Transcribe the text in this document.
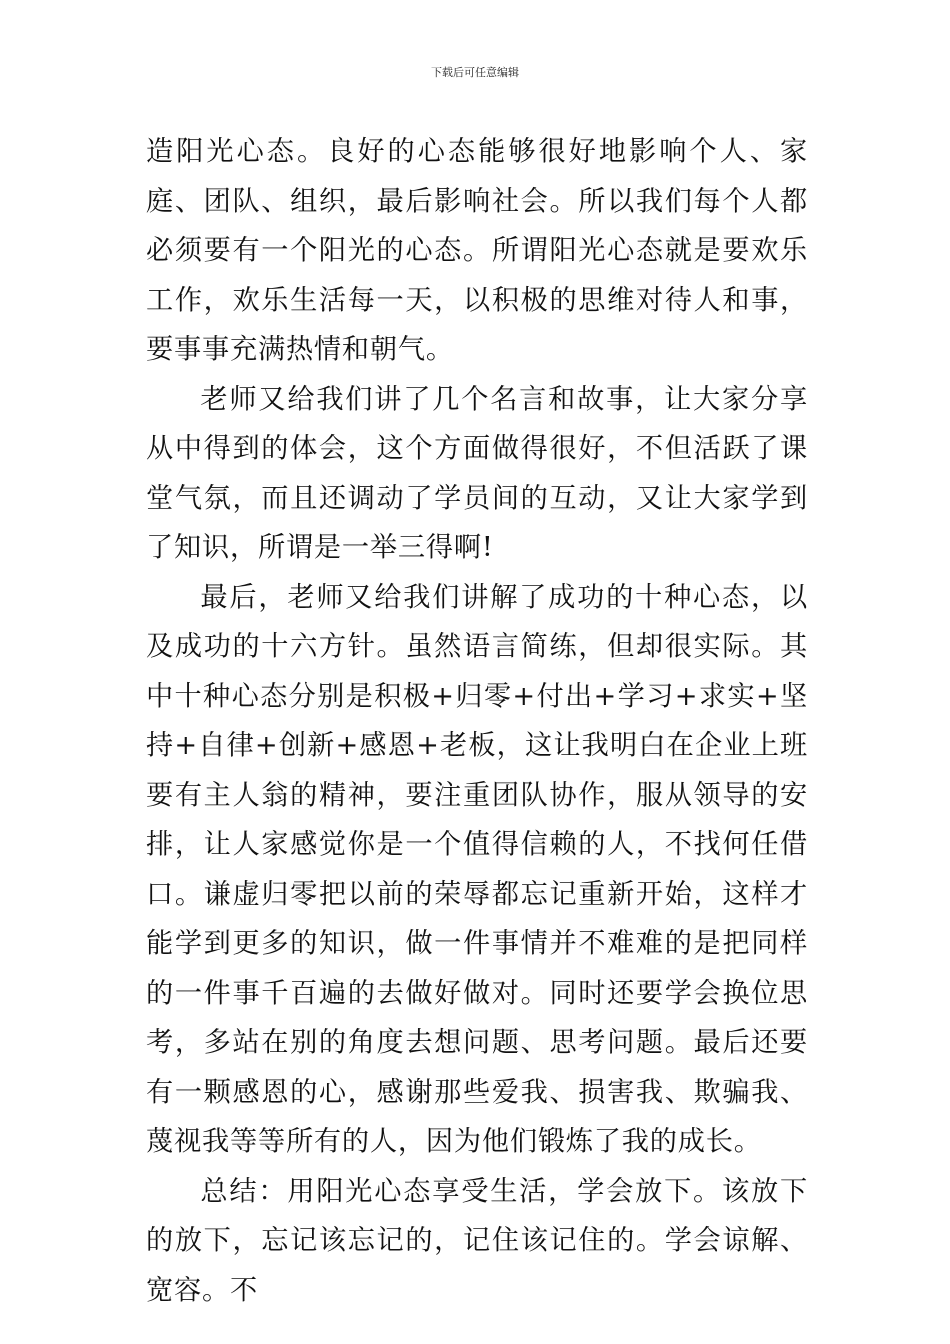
下载后可任意编辑

造阳光心态。良好的心态能够很好地影响个人、家庭、团队、组织，最后影响社会。所以我们每个人都必须要有一个阳光的心态。所谓阳光心态就是要欢乐工作，欢乐生活每一天，以积极的思维对待人和事，要事事充满热情和朝气。

老师又给我们讲了几个名言和故事，让大家分享从中得到的体会，这个方面做得很好，不但活跃了课堂气氛，而且还调动了学员间的互动，又让大家学到了知识，所谓是一举三得啊!

最后，老师又给我们讲解了成功的十种心态，以及成功的十六方针。虽然语言简练，但却很实际。其中十种心态分别是积极+归零+付出+学习+求实+坚持+自律+创新+感恩+老板，这让我明白在企业上班要有主人翁的精神，要注重团队协作，服从领导的安排，让人家感觉你是一个值得信赖的人，不找何任借口。谦虚归零把以前的荣辱都忘记重新开始，这样才能学到更多的知识，做一件事情并不难难的是把同样的一件事千百遍的去做好做对。同时还要学会换位思考，多站在别的角度去想问题、思考问题。最后还要有一颗感恩的心，感谢那些爱我、损害我、欺骗我、蔑视我等等所有的人，因为他们锻炼了我的成长。

总结：用阳光心态享受生活，学会放下。该放下的放下，忘记该忘记的，记住该记住的。学会谅解、宽容。不
